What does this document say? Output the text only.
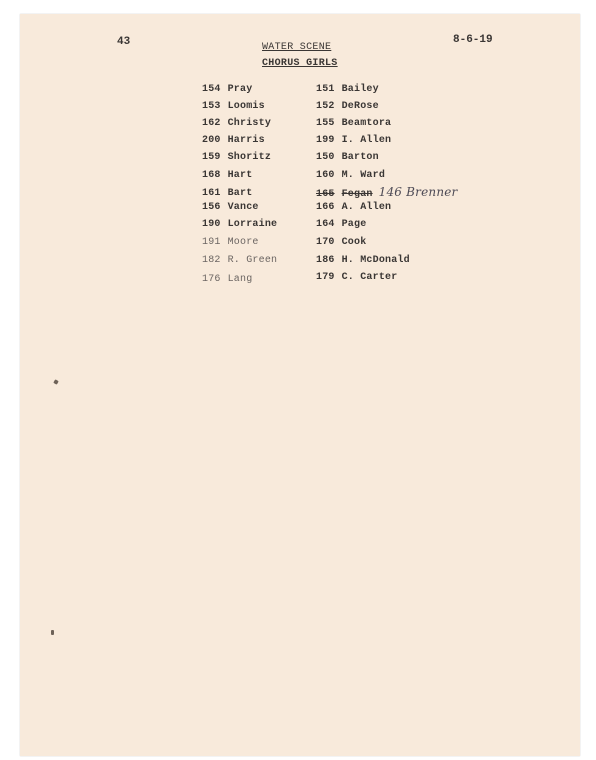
43	8-6-19
WATER SCENE
CHORUS GIRLS
154 Pray
153 Loomis
162 Christy
200 Harris
159 Shoritz
168 Hart
161 Bart
156 Vance
190 Lorraine
191 Moore
182 R. Green
176 Lang
151 Bailey
152 DeRose
155 Beamtora
199 I. Allen
150 Barton
160 M. Ward
165 Fegan 146 Brenner
166 A. Allen
164 Page
170 Cook
186 H. McDonald
179 C. Carter
